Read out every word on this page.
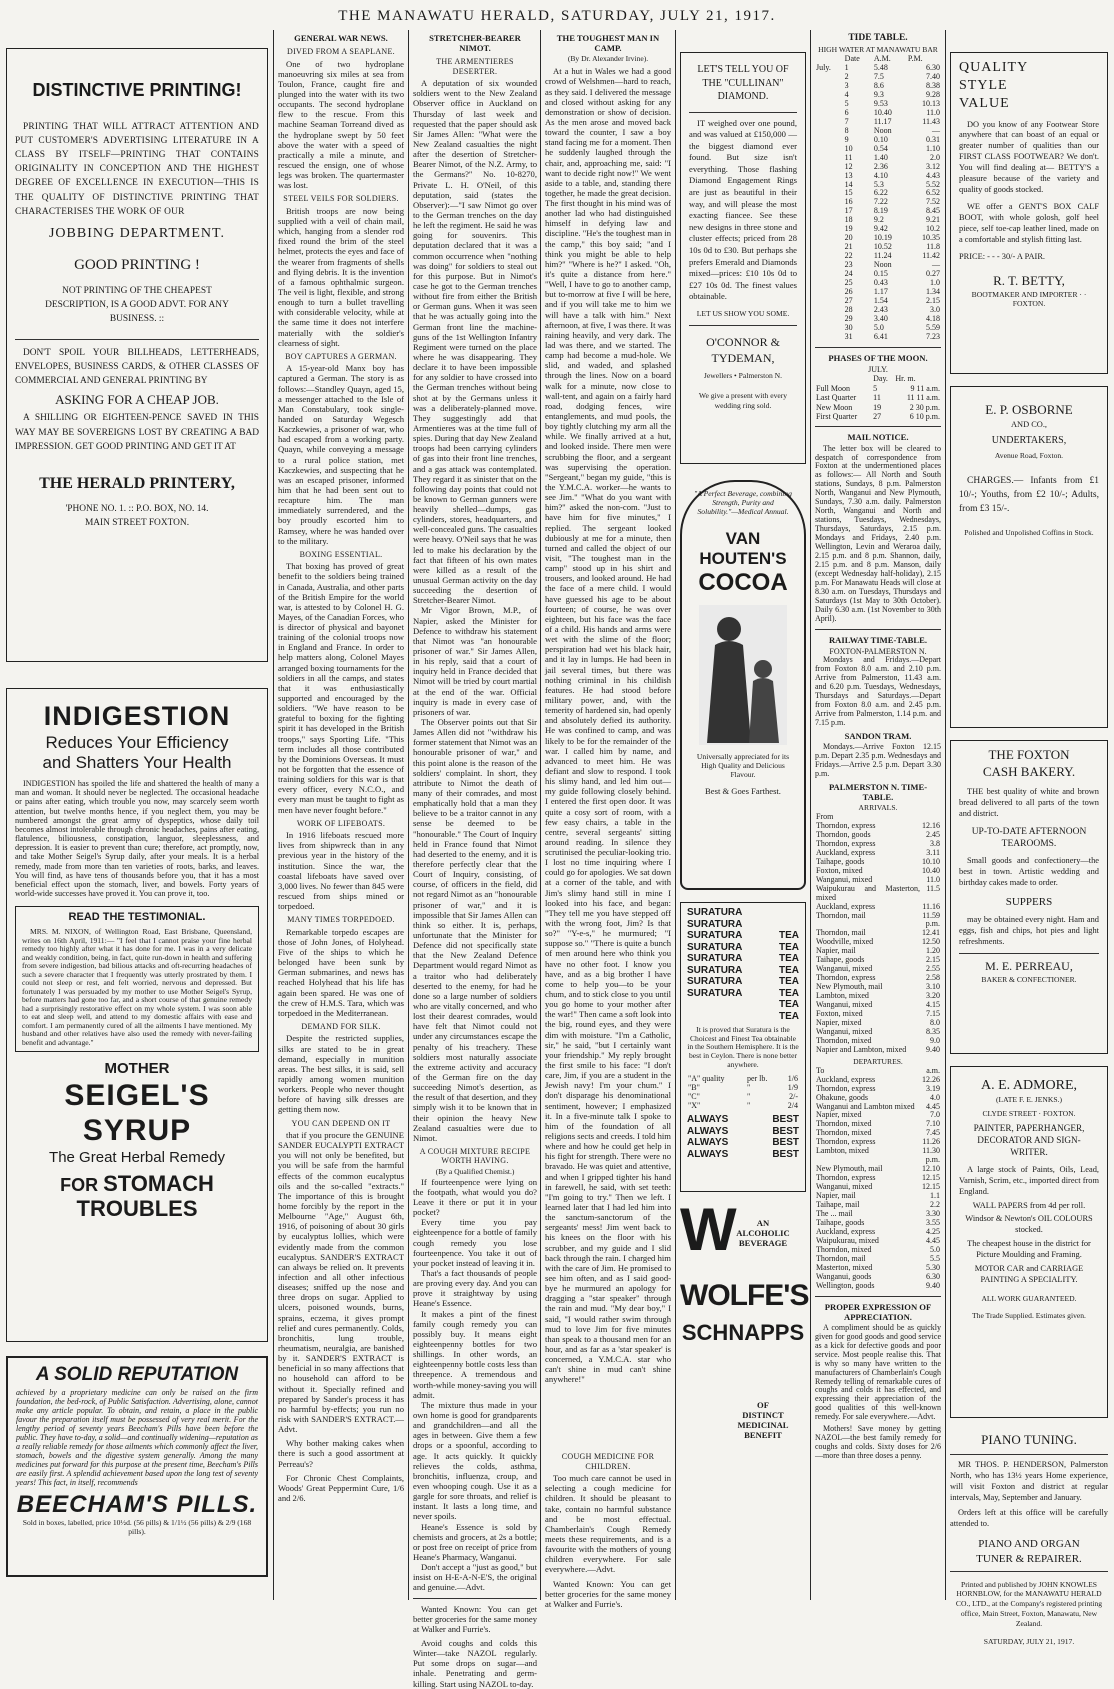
THE MANAWATU HERALD, SATURDAY, JULY 21, 1917.
DISTINCTIVE PRINTING!

PRINTING THAT WILL ATTRACT ATTENTION AND PUT CUSTOMER'S ADVERTISING LITERATURE IN A CLASS BY ITSELF—PRINTING THAT CONTAINS ORIGINALITY IN CONCEPTION AND THE HIGHEST DEGREE OF EXCELLENCE IN EXECUTION—THIS IS THE QUALITY OF DISTINCTIVE PRINTING THAT CHARACTERISES THE WORK OF OUR

JOBBING DEPARTMENT.
GOOD PRINTING !

NOT PRINTING OF THE CHEAPEST DESCRIPTION, IS A GOOD ADVT. FOR ANY BUSINESS. ::

DON'T SPOIL YOUR BILLHEADS, LETTERHEADS, ENVELOPES, BUSINESS CARDS, & OTHER CLASSES OF COMMERCIAL AND GENERAL PRINTING BY

ASKING FOR A CHEAP JOB.

A SHILLING OR EIGHTEEN-PENCE SAVED IN THIS WAY MAY BE SOVEREIGNS LOST BY CREATING A BAD IMPRESSION. GET GOOD PRINTING AND GET IT AT

THE HERALD PRINTERY,
'PHONE NO. 1. :: P.O. BOX, NO. 14.
MAIN STREET FOXTON.
INDIGESTION
Reduces Your Efficiency
and Shatters Your Health

INDIGESTION has spoiled the life and shattered the health of many a man and woman. It should never be neglected. The occasional headache or pains after eating, which trouble you now, may scarcely seem worth attention, but twelve months hence, if you neglect them, you may be numbered amongst the great army of dyspeptics, whose daily toil becomes almost intolerable through chronic headaches, pains after eating, flatulence, biliousness, constipation, languor, sleeplessness, and depression. It is easier to prevent than cure; therefore, act promptly, now, and take Mother Seigel's Syrup daily, after your meals. It is a herbal remedy, made from more than ten varieties of roots, barks, and leaves. You will find, as have tens of thousands before you, that it has a most beneficial effect upon the stomach, liver, and bowels. Forty years of world-wide successes have proved it. You can prove it, too.

READ THE TESTIMONIAL.

MRS. M. NIXON, of Wellington Road, East Brisbane, Queensland, writes on 16th April, 1911:— "I feel that I cannot praise your fine herbal remedy too highly after what it has done for me. I was in a very delicate and weakly condition, being, in fact, quite run-down in health and suffering from severe indigestion, bad bilious attacks and oft-recurring headaches of such a severe character that I frequently was utterly prostrated by them. I could not sleep or rest, and felt worried, nervous and depressed. But fortunately I was persuaded by my mother to use Mother Seigel's Syrup, before matters had gone too far, and a short course of that genuine remedy had a surprisingly restorative effect on my whole system. I was soon able to eat and sleep well, and attend to my domestic affairs with ease and comfort. I am permanently cured of all the ailments I have mentioned. My husband and other relatives have also used the remedy with never-failing benefit and advantage."

MOTHER
SEIGEL'S SYRUP
The Great Herbal Remedy
FOR STOMACH TROUBLES
A SOLID REPUTATION

achieved by a proprietary medicine can only be raised on the firm foundation, the bed-rock, of Public Satisfaction. Advertising, alone, cannot make any article popular. To obtain, and retain, a place in the public favour the preparation itself must be possessed of very real merit. For the lengthy period of seventy years Beecham's Pills have been before the public. They have to-day, a solid—and continually widening—reputation as a really reliable remedy for those ailments which commonly affect the liver, stomach, bowels and the digestive system generally. Among the many medicines put forward for this purpose at the present time, Beecham's Pills are easily first. A splendid achievement based upon the long test of seventy years! This fact, in itself, recommends

BEECHAM'S PILLS.
Sold in boxes, labelled, price 10½d. (56 pills) & 1/1½ (56 pills) & 2/9 (168 pills).
GENERAL WAR NEWS.
DIVED FROM A SEAPLANE.

One of two hydroplane manoeuvring six miles at sea from Toulon, France, caught fire and plunged into the water with its two occupants. The second hydroplane flew to the rescue. From this machine Seaman Torreand dived as the hydroplane swept by 50 feet above the water with a speed of practically a mile a minute, and rescued the ensign, one of whose legs was broken. The quartermaster was lost.

STEEL VEILS FOR SOLDIERS.

British troops are now being supplied with a veil of chain mail, which, hanging from a slender rod fixed round the brim of the steel helmet, protects the eyes and face of the wearer from fragments of shells and flying debris. It is the invention of a famous ophthalmic surgeon. The veil is light, flexible, and strong enough to turn a bullet travelling with considerable velocity, while at the same time it does not interfere materially with the soldier's clearness of sight.

BOY CAPTURES A GERMAN.

A 15-year-old Manx boy has captured a German. The story is as follows:—Standley Quayn, aged 15, a messenger attached to the Isle of Man Constabulary, took single-handed on Saturday Wegesch Kaczkewies, a prisoner of war, who had escaped from a working party. Quayn, while conveying a message to a rural police station, met Kaczkewies, and suspecting that he was an escaped prisoner, informed him that he had been sent out to recapture him. The man immediately surrendered, and the boy proudly escorted him to Ramsey, where he was handed over to the military.

BOXING ESSENTIAL.

That boxing has proved of great benefit to the soldiers being trained in Canada, Australia, and other parts of the British Empire for the world war, is attested to by Colonel H. G. Mayes, of the Canadian Forces, who is director of physical and bayonet training of the colonial troops now in England and France. In order to help matters along, Colonel Mayes arranged boxing tournaments for the soldiers in all the camps, and states that it was enthusiastically supported and encouraged by the soldiers. "We have reason to be grateful to boxing for the fighting spirit it has developed in the British troops," says Sporting Life. "This term includes all those contributed by the Dominions Overseas. It must not be forgotten that the essence of training soldiers for this war is that every officer, every N.C.O., and every man must be taught to fight as men have never fought before."

WORK OF LIFEBOATS.

In 1916 lifeboats rescued more lives from shipwreck than in any previous year in the history of the institution. Since the war, the coastal lifeboats have saved over 3,000 lives. No fewer than 845 were rescued from ships mined or torpedoed.

MANY TIMES TORPEDOED.

Remarkable torpedo escapes are those of John Jones, of Holyhead. Five of the ships to which he belonged have been sunk by German submarines, and news has reached Holyhead that his life has again been spared. He was one of the crew of H.M.S. Tara, which was torpedoed in the Mediterranean.

DEMAND FOR SILK.

Despite the restricted supplies, silks are stated to be in great demand, especially in munition areas. The best silks, it is said, sell rapidly among women munition workers. People who never thought before of having silk dresses are getting them now.

YOU CAN DEPEND ON IT

that if you procure the GENUINE SANDER EUCALYPTI EXTRACT you will not only be benefited, but you will be safe from the harmful effects of the common eucalyptus oils and the so-called "extracts." The importance of this is brought home forcibly by the report in the Melbourne "Age," August 6th, 1916, of poisoning of about 30 girls by eucalyptus lollies, which were evidently made from the common eucalyptus. SANDER'S EXTRACT can always be relied on. It prevents infection and all other infectious diseases; sniffed up the nose and three drops on sugar. Applied to ulcers, poisoned wounds, burns, sprains, eczema, it gives prompt relief and cures permanently. Colds, bronchitis, lung trouble, rheumatism, neuralgia, are banished by it. SANDER'S EXTRACT is beneficial in so many affections that no household can afford to be without it. Specially refined and prepared by Sander's process it has no harmful by-effects; you run no risk with SANDER'S EXTRACT.—Advt.

Why bother making cakes when there is such a good assortment at Perreau's?

For Chronic Chest Complaints, Woods' Great Peppermint Cure, 1/6 and 2/6.

STRETCHER-BEARER NIMOT.
THE ARMENTIERES DESERTER.

A deputation of six wounded soldiers went to the New Zealand Observer office in Auckland on Thursday of last week and requested that the paper should ask Sir James Allen: "What were the New Zealand casualties the night after the desertion of Stretcher-Bearer Nimot, of the N.Z. Army, to the Germans?" No. 10-8270, Private L. H. O'Neil, of this deputation, said (states the Observer):—"I saw Nimot go over to the German trenches on the day he left the regiment. He said he was going for souvenirs. This deputation declared that it was a common occurrence when "nothing was doing" for soldiers to steal out for this purpose. But in Nimot's case he got to the German trenches without fire from either the British or German guns. When it was seen that he was actually going into the German front line the machine-guns of the 1st Wellington Infantry Regiment were turned on the place where he was disappearing. They declare it to have been impossible for any soldier to have crossed into the German trenches without being shot at by the Germans unless it was a deliberately-planned move. They suggestingly add that Armentieres was at the time full of spies. During that day New Zealand troops had been carrying cylinders of gas into their front line trenches, and a gas attack was contemplated. They regard it as sinister that on the following day points that could not be known to German gunners were heavily shelled—dumps, gas cylinders, stores, headquarters, and well-concealed guns. The casualties were heavy. O'Neil says that he was led to make his declaration by the fact that fifteen of his own mates were killed as a result of the unusual German activity on the day succeeding the desertion of Stretcher-Bearer Nimot.

Mr Vigor Brown, M.P., of Napier, asked the Minister for Defence to withdraw his statement that Nimot was "an honourable prisoner of war." Sir James Allen, in his reply, said that a court of inquiry held in France decided that Nimot will be tried by court martial at the end of the war. Official inquiry is made in every case of prisoners of war.

The Observer points out that Sir James Allen did not "withdraw his former statement that Nimot was an honourable prisoner of war," and this point alone is the reason of the soldiers' complaint. In short, they attribute to Nimot the death of many of their comrades, and most emphatically hold that a man they believe to be a traitor cannot in any sense be deemed to be "honourable." The Court of Inquiry held in France found that Nimot had deserted to the enemy, and it is therefore perfectly clear that the Court of Inquiry, consisting, of course, of officers in the field, did not regard Nimot as an "honourable prisoner of war," and it is impossible that Sir James Allen can think so either. It is, perhaps, unfortunate that the Minister for Defence did not specifically state that the New Zealand Defence Department would regard Nimot as a traitor who had deliberately deserted to the enemy, for had he done so a large number of soldiers who are vitally concerned, and who lost their dearest comrades, would have felt that Nimot could not under any circumstances escape the penalty of his treachery. These soldiers most naturally associate the extreme activity and accuracy of the German fire on the day succeeding Nimot's desertion, as the result of that desertion, and they simply wish it to be known that in their opinion the heavy New Zealand casualties were due to Nimot.

A COUGH MIXTURE RECIPE WORTH HAVING.
(By a Qualified Chemist.)

If fourteenpence were lying on the footpath, what would you do? Leave it there or put it in your pocket?

Every time you pay eighteenpence for a bottle of family cough remedy you lose fourteenpence. You take it out of your pocket instead of leaving it in.

That's a fact thousands of people are proving every day. And you can prove it straightway by using Heane's Essence.

It makes a pint of the finest family cough remedy you can possibly buy. It means eight eighteenpenny bottles for two shillings. In other words, an eighteenpenny bottle costs less than threepence. A tremendous and worth-while money-saving you will admit.

The mixture thus made in your own home is good for grandparents and grandchildren—and all the ages in between. Give them a few drops or a spoonful, according to age. It acts quickly. It quickly relieves the colds, asthma, bronchitis, influenza, croup, and even whooping cough. Use it as a gargle for sore throats, and relief is instant. It lasts a long time, and never spoils.

Heane's Essence is sold by chemists and grocers, at 2s a bottle; or post free on receipt of price from Heane's Pharmacy, Wanganui.

Don't accept a "just as good," but insist on H-E-A-N-E'S, the original and genuine.—Advt.

Wanted Known: You can get better groceries for the same money at Walker and Furrie's.

Avoid coughs and colds this Winter—take NAZOL regularly. Put some drops on sugar—and inhale. Penetrating and germ-killing. Start using NAZOL to-day.

THE TOUGHEST MAN IN CAMP.
(By Dr. Alexander Irvine).

At a hut in Wales we had a good crowd of Welshmen—hard to reach, as they said. I delivered the message and closed without asking for any demonstration or show of decision. As the men arose and moved back toward the counter, I saw a boy stand facing me for a moment. Then he suddenly laughed through the chair, and, approaching me, said: "I want to decide right now!" We went aside to a table, and, standing there together, he made the great decision. The first thought in his mind was of another lad who had distinguished himself in defying law and discipline. "He's the toughest man in the camp," this boy said; "and I think you might be able to help him?" "Where is he?" I asked. "Oh, it's quite a distance from here." "Well, I have to go to another camp, but to-morrow at five I will be here, and if you will take me to him we will have a talk with him." Next afternoon, at five, I was there. It was raining heavily, and very dark. The lad was there, and we started. The camp had become a mud-hole. We slid, and waded, and splashed through the lines. Now on a board walk for a minute, now close to wall-tent, and again on a fairly hard road, dodging fences, wire entanglements, and mud pools, the boy tightly clutching my arm all the while. We finally arrived at a hut, and looked inside. There men were scrubbing the floor, and a sergeant was supervising the operation. "Sergeant," began my guide, "this is the Y.M.C.A. worker—he wants to see Jim." "What do you want with him?" asked the non-com. "Just to have him for five minutes," I replied. The sergeant looked dubiously at me for a minute, then turned and called the object of our visit, "The toughest man in the camp" stood up in his shirt and trousers, and looked around. He had the face of a mere child. I would have guessed his age to be about fourteen; of course, he was over eighteen, but his face was the face of a child. His hands and arms were wet with the slime of the floor; perspiration had wet his black hair, and it lay in lumps. He had been in jail several times, but there was nothing criminal in his childish features. He had stood before military power, and, with the temerity of hardened sin, had openly and absolutely defied its authority. He was confined to camp, and was likely to be for the remainder of the war. I called him by name, and advanced to meet him. He was defiant and slow to respond. I took his slimy hand, and led him out—my guide following closely behind. I entered the first open door. It was quite a cosy sort of room, with a few easy chairs, a table in the centre, several sergeants' sitting around reading. In silence they scrutinised the peculiar-looking trio. I lost no time inquiring where I could go for apologies. We sat down at a corner of the table, and with Jim's slimy hand still in mine I looked into his face, and began: "They tell me you have stepped off with the wrong foot, Jim? Is that so?" "Y-e-s," he murmured; "I suppose so." "There is quite a bunch of men around here who think you have no other foot. I know you have, and as a big brother I have come to help you—to be your chum, and to stick close to you until you go home to your mother after the war!" Then came a soft look into the big, round eyes, and they were dim with moisture. "I'm a Catholic, sir," he said, "but I certainly want your friendship." My reply brought the first smile to his face: "I don't care, Jim, if you are a student in the Jewish navy! I'm your chum." I don't disparage his denominational sentiment, however; I emphasized it. In a five-minute talk I spoke to him of the foundation of all religions sects and creeds. I told him where and how he could get help in his fight for strength. There were no bravado. He was quiet and attentive, and when I gripped tighter his hand in farewell, he said, with set teeth: "I'm going to try." Then we left. I learned later that I had led him into the sanctum-sanctorum of the sergeants' mess! Jim went back to his knees on the floor with his scrubber, and my guide and I slid back through the rain. I charged him with the care of Jim. He promised to see him often, and as I said good-bye he murmured an apology for dragging a "star speaker" through the rain and mud. "My dear boy," I said, "I would rather swim through mud to love Jim for five minutes than speak to a thousand men for an hour, and as far as a 'star speaker' is concerned, a Y.M.C.A. star who can't shine in mud can't shine anywhere!"

COUGH MEDICINE FOR CHILDREN.

Too much care cannot be used in selecting a cough medicine for children. It should be pleasant to take, contain no harmful substance and be most effectual. Chamberlain's Cough Remedy meets these requirements, and is a favourite with the mothers of young children everywhere. For sale everywhere.—Advt.

Wanted Known: You can get better groceries for the same money at Walker and Furrie's.

LET'S TELL YOU OF
THE "CULLINAN"
DIAMOND.

IT weighed over one pound, and was valued at £150,000 —the biggest diamond ever found. But size isn't everything. Those flashing Diamond Engagement Rings are just as beautiful in their way, and will please the most exacting fiancee. See these new designs in three stone and cluster effects; priced from 28 10s 0d to £30. But perhaps she prefers Emerald and Diamonds mixed—prices: £10 10s 0d to £27 10s 0d. The finest values obtainable.

LET US SHOW YOU SOME.
O'CONNOR & TYDEMAN,
Jewellers • Palmerston N.
We give a present with every wedding ring sold.
"A Perfect Beverage, combining Strength, Purity and Solubility."—Medical Annual.
VAN HOUTEN'S
COCOA
Universally appreciated for its High Quality and Delicious Flavour.
Best & Goes Farthest.
SURATURA
SURATURA
SURATURA	TEA
SURATURA	TEA
SURATURA	TEA
SURATURA	TEA
SURATURA	TEA
SURATURA	TEA
TEA
TEA

It is proved that Suratura is the Choicest and Finest Tea obtainable in the Southern Hemisphere. It is the best in Ceylon. There is none better anywhere.

"A" quality	per lb.	1/6
"B"	"	1/9
"C"	"	2/-
"X"	"	2/4
ALWAYS	BEST
ALWAYS	BEST
ALWAYS	BEST
ALWAYS	BEST
W	AN
ALCOHOLIC
BEVERAGE
WOLFE'S
SCHNAPPS
OF
DISTINCT
MEDICINAL
BENEFIT
TIDE TABLE.
HIGH WATER AT MANAWATU BAR
	Date	A.M.	P.M.
July.	1	5.48	6.30
	2	7.5	7.40
	3	8.6	8.38
	4	9.3	9.28
	5	9.53	10.13
	6	10.40	11.0
	7	11.17	11.43
	8	Noon	—
	9	0.10	0.31
	10	0.54	1.10
	11	1.40	2.0
	12	2.36	3.12
	13	4.10	4.43
	14	5.3	5.52
	15	6.22	6.52
	16	7.22	7.52
	17	8.19	8.45
	18	9.2	9.21
	19	9.42	10.2
	20	10.19	10.35
	21	10.52	11.8
	22	11.24	11.42
	23	Noon	—
	24	0.15	0.27
	25	0.43	1.0
	26	1.17	1.34
	27	1.54	2.15
	28	2.43	3.0
	29	3.40	4.18
	30	5.0	5.59
	31	6.41	7.23
PHASES OF THE MOON.
JULY.
	Day.	Hr. m.
Full Moon	5	9 11 a.m.
Last Quarter	11	11 11 a.m.
New Moon	19	2 30 p.m.
First Quarter	27	6 10 p.m.
MAIL NOTICE.

The letter box will be cleared to despatch of correspondence from Foxton at the undermentioned places as follows:— All North and South stations, Sundays, 8 p.m. Palmerston North, Wanganui and New Plymouth, Sundays, 7.30 a.m. daily. Palmerston North, Wanganui and North and stations, Tuesdays, Wednesdays, Thursdays, Saturdays, 2.15 p.m. Mondays and Fridays, 2.40 p.m. Wellington, Levin and Weraroa daily, 2.15 p.m. and 8 p.m. Shannon, daily, 2.15 p.m. and 8 p.m. Manson, daily (except Wednesday half-holiday), 2.15 p.m. For Manawatu Heads will close at 8.30 a.m. on Tuesdays, Thursdays and Saturdays (1st May to 30th October). Daily 6.30 a.m. (1st November to 30th April).

RAILWAY TIME-TABLE.
FOXTON-PALMERSTON N.

Mondays and Fridays.—Depart from Foxton 8.0 a.m. and 2.10 p.m. Arrive from Palmerston, 11.43 a.m. and 6.20 p.m. Tuesdays, Wednesdays, Thursdays and Saturdays.—Depart from Foxton 8.0 a.m. and 2.45 p.m. Arrive from Palmerston, 1.14 p.m. and 7.15 p.m.

SANDON TRAM.

Mondays.—Arrive Foxton 12.15 p.m. Depart 2.35 p.m. Wednesdays and Fridays.—Arrive 2.5 p.m. Depart 3.30 p.m.

PALMERSTON N. TIME-TABLE.
ARRIVALS.
From	
Thorndon, express	12.16
Thorndon, goods	2.45
Thorndon, express	3.8
Auckland, express	3.11
Taihape, goods	10.10
Foxton, mixed	10.40
Wanganui, mixed	11.0
Waipukurau and Masterton, mixed	11.5
Auckland, express	11.16
Thorndon, mail	11.59
	p.m.
Thorndon, mail	12.41
Woodville, mixed	12.50
Napier, mail	1.20
Taihape, goods	2.15
Wanganui, mixed	2.55
Thorndon, express	2.58
New Plymouth, mail	3.10
Lambton, mixed	3.20
Wanganui, mixed	4.15
Foxton, mixed	7.15
Napier, mixed	8.0
Wanganui, mixed	8.35
Thorndon, mixed	9.0
Napier and Lambton, mixed	9.40
DEPARTURES.
To	a.m.
Auckland, express	12.26
Thorndon, express	3.19
Ohakune, goods	4.0
Wanganui and Lambton mixed	4.45
Napier, mixed	7.0
Thorndon, mixed	7.10
Thorndon, mixed	7.45
Thorndon, express	11.26
Lambton, mixed	11.30
	p.m.
New Plymouth, mail	12.10
Thorndon, express	12.15
Wanganui, mixed	12.15
Napier, mail	1.1
Taihape, mail	2.2
The ... mail	3.30
Taihape, goods	3.55
Auckland, express	4.25
Waipukurau, mixed	4.45
Thorndon, mixed	5.0
Thorndon, mail	5.5
Masterton, mixed	5.30
Wanganui, goods	6.30
Wellington, goods	9.40
PROPER EXPRESSION OF APPRECIATION.

A compliment should be as quickly given for good goods and good service as a kick for defective goods and poor service. Most people realise this. That is why so many have written to the manufacturers of Chamberlain's Cough Remedy telling of remarkable cures of coughs and colds it has effected, and expressing their appreciation of the good qualities of this well-known remedy. For sale everywhere.—Advt.

Mothers! Save money by getting NAZOL—the best family remedy for coughs and colds. Sixty doses for 2/6—more than three doses a penny.

QUALITY
STYLE
VALUE

DO you know of any Footwear Store anywhere that can boast of an equal or greater number of qualities than our FIRST CLASS FOOTWEAR? We don't. You will find dealing at— BETTY'S a pleasure because of the variety and quality of goods stocked.

WE offer a GENT'S BOX CALF BOOT, with whole golosh, golf heel piece, self toe-cap leather lined, made on a comfortable and stylish fitting last.

PRICE: - - - 30/- A PAIR.
R. T. BETTY,
BOOTMAKER AND IMPORTER · · FOXTON.
E. P. OSBORNE
AND CO.,
UNDERTAKERS,
Avenue Road, Foxton.

CHARGES.— Infants from £1 10/-; Youths, from £2 10/-; Adults, from £3 15/-.

Polished and Unpolished Coffins in Stock.

THE FOXTON
CASH BAKERY.

THE best quality of white and brown bread delivered to all parts of the town and district.

UP-TO-DATE AFTERNOON TEAROOMS.

Small goods and confectionery—the best in town. Artistic wedding and birthday cakes made to order.

SUPPERS

may be obtained every night. Ham and eggs, fish and chips, hot pies and light refreshments.

M. E. PERREAU,
BAKER & CONFECTIONER.
A. E. ADMORE,
(LATE F. E. JENKS.)
CLYDE STREET · FOXTON.
PAINTER, PAPERHANGER, DECORATOR AND SIGN-WRITER.

A large stock of Paints, Oils, Lead, Varnish, Scrim, etc., imported direct from England.

WALL PAPERS from 4d per roll.

Windsor & Newton's OIL COLOURS stocked.

The cheapest house in the district for Picture Moulding and Framing.

MOTOR CAR and CARRIAGE PAINTING A SPECIALITY.

ALL WORK GUARANTEED.

The Trade Supplied. Estimates given.

PIANO TUNING.

MR THOS. P. HENDERSON, Palmerston North, who has 13½ years Home experience, will visit Foxton and district at regular intervals, May, September and January.

Orders left at this office will be carefully attended to.

PIANO AND ORGAN
TUNER & REPAIRER.

Printed and published by JOHN KNOWLES HORNBLOW, for the MANAWATU HERALD CO., LTD., at the Company's registered printing office, Main Street, Foxton, Manawatu, New Zealand.

SATURDAY, JULY 21, 1917.
